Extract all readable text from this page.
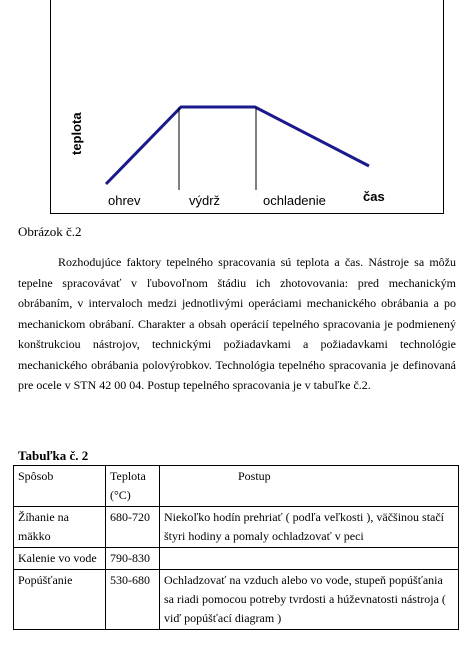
teplota
čas
ohrev	výdrž	ochladenie
Obrázok č.2
Rozhodujúce faktory tepelného spracovania sú teplota a čas. Nástroje sa môžu tepelne spracovávať v ľubovoľnom štádiu ich zhotovovania: pred mechanickým obrábaním, v intervaloch medzi jednotlivými operáciami mechanického obrábania a po mechanickom obrábaní. Charakter a obsah operácií tepelného spracovania je podmienený konštrukciou nástrojov, technickými požiadavkami a požiadavkami technológie mechanického obrábania polovýrobkov. Technológia tepelného spracovania je definovaná pre ocele v STN 42 00 04. Postup tepelného spracovania je v tabuľke č.2.
Tabuľka č. 2
Spôsob	Teplota (°C)	Postup
Žíhanie na mäkko	680-720	Niekoľko hodín prehriať ( podľa veľkosti ), väčšinou stačí štyri hodiny a pomaly ochladzovať v peci
Kalenie vo vode	790-830	
Popúšťanie	530-680	Ochladzovať na vzduch alebo vo vode, stupeň popúšťania sa riadi pomocou potreby tvrdosti a húževnatosti nástroja ( viď popúšťací diagram )
